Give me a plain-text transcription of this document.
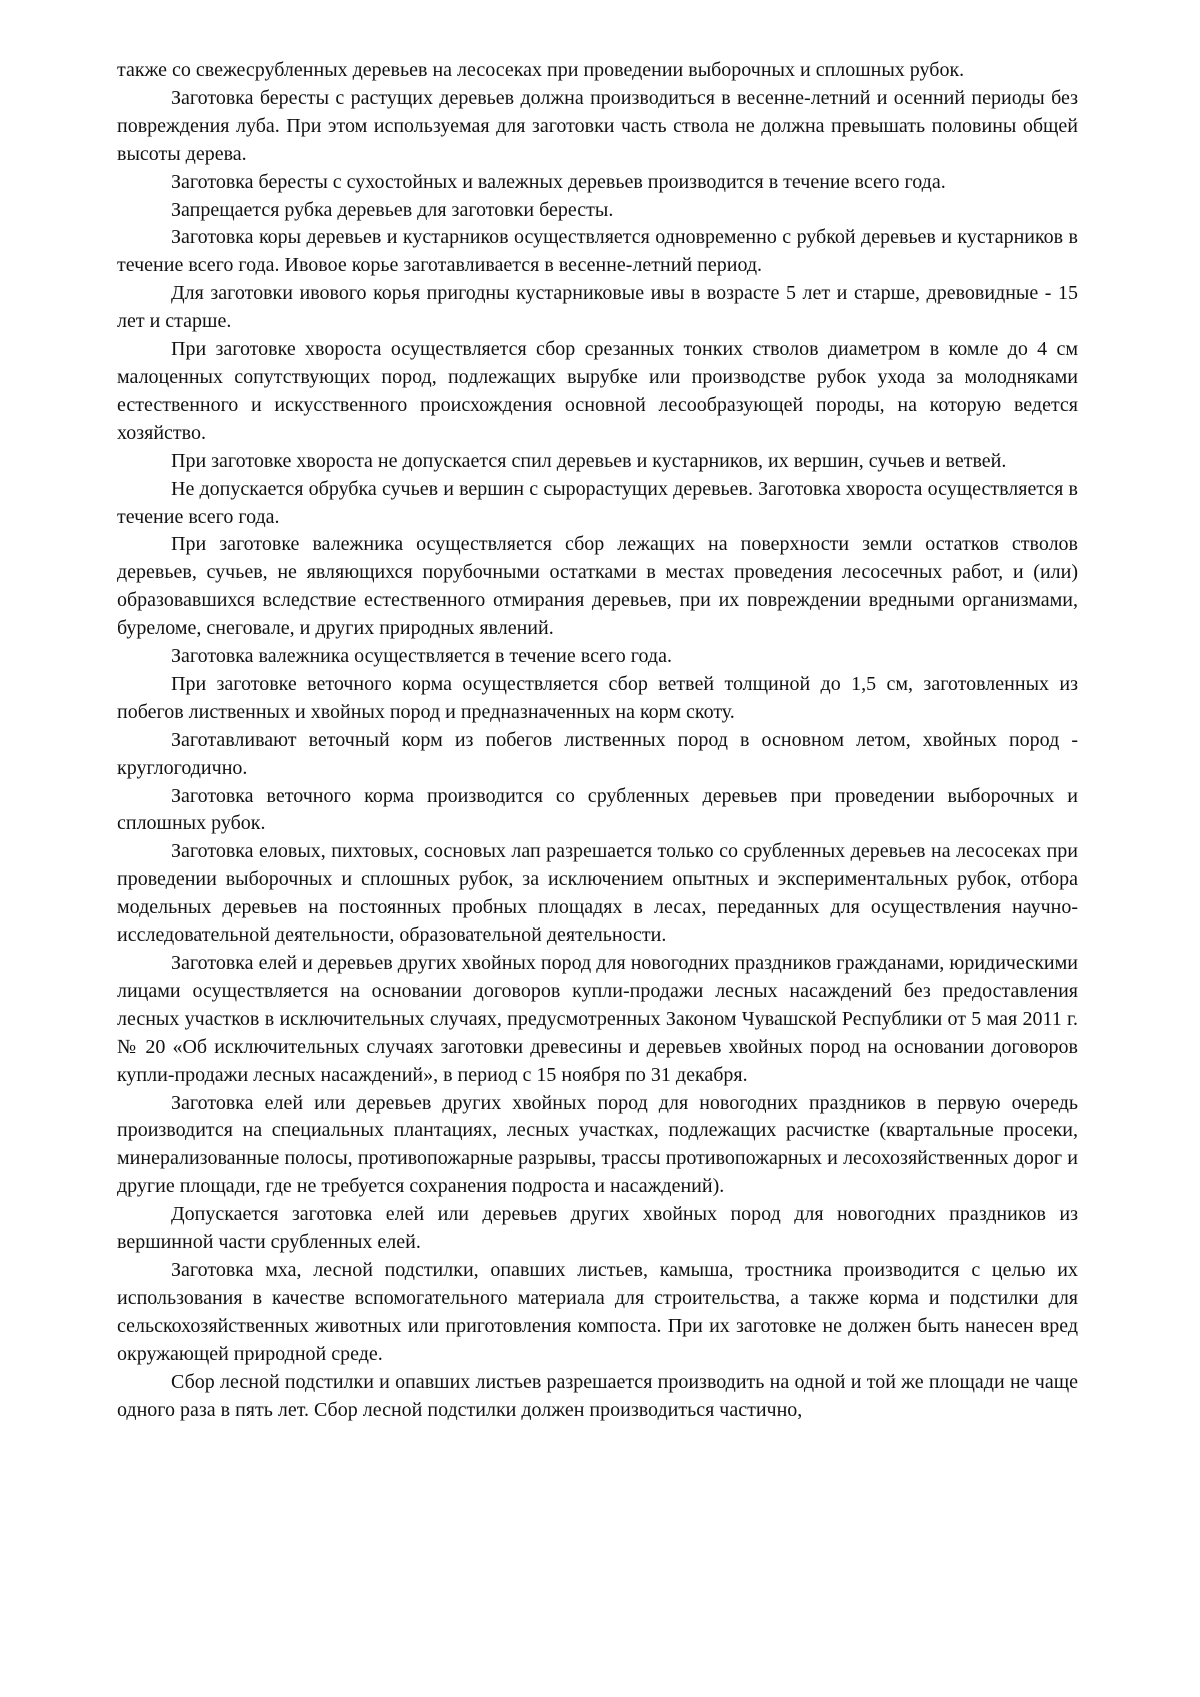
также со свежесрубленных деревьев на лесосеках при проведении выборочных и сплошных рубок.

Заготовка бересты с растущих деревьев должна производиться в весенне-летний и осенний периоды без повреждения луба. При этом используемая для заготовки часть ствола не должна превышать половины общей высоты дерева.

Заготовка бересты с сухостойных и валежных деревьев производится в течение всего года.

Запрещается рубка деревьев для заготовки бересты.

Заготовка коры деревьев и кустарников осуществляется одновременно с рубкой деревьев и кустарников в течение всего года. Ивовое корье заготавливается в весенне-летний период.

Для заготовки ивового корья пригодны кустарниковые ивы в возрасте 5 лет и старше, древовидные - 15 лет и старше.

При заготовке хвороста осуществляется сбор срезанных тонких стволов диаметром в комле до 4 см малоценных сопутствующих пород, подлежащих вырубке или производстве рубок ухода за молодняками естественного и искусственного происхождения основной лесообразующей породы, на которую ведется хозяйство.

При заготовке хвороста не допускается спил деревьев и кустарников, их вершин, сучьев и ветвей.

Не допускается обрубка сучьев и вершин с сырорастущих деревьев. Заготовка хвороста осуществляется в течение всего года.

При заготовке валежника осуществляется сбор лежащих на поверхности земли остатков стволов деревьев, сучьев, не являющихся порубочными остатками в местах проведения лесосечных работ, и (или) образовавшихся вследствие естественного отмирания деревьев, при их повреждении вредными организмами, буреломе, снеговале, и других природных явлений.

Заготовка валежника осуществляется в течение всего года.

При заготовке веточного корма осуществляется сбор ветвей толщиной до 1,5 см, заготовленных из побегов лиственных и хвойных пород и предназначенных на корм скоту.

Заготавливают веточный корм из побегов лиственных пород в основном летом, хвойных пород - круглогодично.

Заготовка веточного корма производится со срубленных деревьев при проведении выборочных и сплошных рубок.

Заготовка еловых, пихтовых, сосновых лап разрешается только со срубленных деревьев на лесосеках при проведении выборочных и сплошных рубок, за исключением опытных и экспериментальных рубок, отбора модельных деревьев на постоянных пробных площадях в лесах, переданных для осуществления научно-исследовательной деятельности, образовательной деятельности.

Заготовка елей и деревьев других хвойных пород для новогодних праздников гражданами, юридическими лицами осуществляется на основании договоров купли-продажи лесных насаждений без предоставления лесных участков в исключительных случаях, предусмотренных Законом Чувашской Республики от 5 мая 2011 г. № 20 «Об исключительных случаях заготовки древесины и деревьев хвойных пород на основании договоров купли-продажи лесных насаждений», в период с 15 ноября по 31 декабря.

Заготовка елей или деревьев других хвойных пород для новогодних праздников в первую очередь производится на специальных плантациях, лесных участках, подлежащих расчистке (квартальные просеки, минерализованные полосы, противопожарные разрывы, трассы противопожарных и лесохозяйственных дорог и другие площади, где не требуется сохранения подроста и насаждений).

Допускается заготовка елей или деревьев других хвойных пород для новогодних праздников из вершинной части срубленных елей.

Заготовка мха, лесной подстилки, опавших листьев, камыша, тростника производится с целью их использования в качестве вспомогательного материала для строительства, а также корма и подстилки для сельскохозяйственных животных или приготовления компоста. При их заготовке не должен быть нанесен вред окружающей природной среде.

Сбор лесной подстилки и опавших листьев разрешается производить на одной и той же площади не чаще одного раза в пять лет. Сбор лесной подстилки должен производиться частично,
